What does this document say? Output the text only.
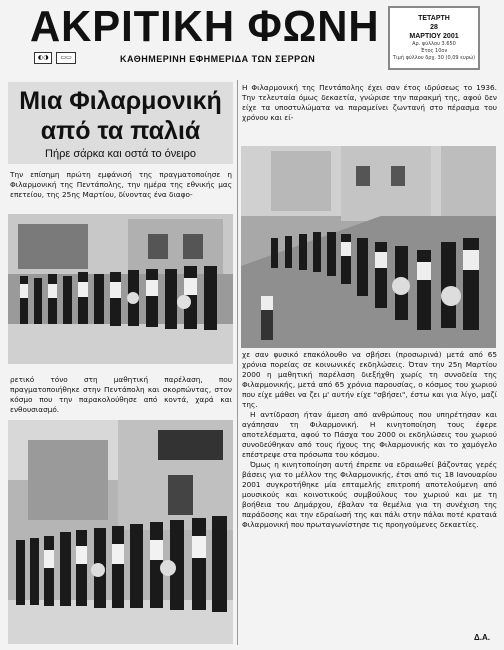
ΑΚΡΙΤΙΚΗ ΦΩΝΗ
◐◑	▭▭	ΚΑΘΗΜΕΡΙΝΗ ΕΦΗΜΕΡΙΔΑ ΤΩΝ ΣΕΡΡΩΝ
ΤΕΤΑΡΤΗ
28
ΜΑΡΤΙΟΥ 2001
Αρ. φύλλου 3.650
Έτος 10ον
Τιμή φύλλου δρχ. 30 (0,09 ευρώ)
Μια Φιλαρμονική από τα παλιά
Πήρε σάρκα και οστά το όνειρο

Την επίσημη πρώτη εμφάνισή της πραγματοποίησε η Φιλαρμονική της Πεντάπολης, την ημέρα της εθνικής μας επετείου, της 25ης Μαρτίου, δίνοντας ένα διαφο-

ρετικό τόνο στη μαθητική παρέλαση, που πραγματοποιήθηκε στην Πεντάπολη και σκορπώντας, στον κόσμο που την παρακολούθησε από κοντά, χαρά και ενθουσιασμό.

Η Φιλαρμονική της Πεντάπολης έχει σαν έτος ιδρύσεως το 1936. Την τελευταία όμως δεκαετία, γνώρισε την παρακμή της, αφού δεν είχε τα υποστυλώματα να παραμείνει ζωντανή στο πέρασμα του χρόνου και εί-

χε σαν φυσικό επακόλουθο να σβήσει (προσωρινά) μετά από 65 χρόνια πορείας σε κοινωνικές εκδηλώσεις. Όταν την 25η Μαρτίου 2000 η μαθητική παρέλαση διεξήχθη χωρίς τη συνοδεία της Φιλαρμονικής, μετά από 65 χρόνια παρουσίας, ο κόσμος του χωριού που είχε μάθει να ζει μ' αυτήν είχε "σβήσει", έστω και για λίγο, μαζί της.

Η αντίδραση ήταν άμεση από ανθρώπους που υπηρέτησαν και αγάπησαν τη Φιλαρμονική. Η κινητοποίηση τους έφερε αποτελέσματα, αφού το Πάσχα του 2000 οι εκδηλώσεις του χωριού συνοδεύθηκαν από τους ήχους της Φιλαρμονικής και το χαμόγελο επέστρεψε στα πρόσωπα του κόσμου.

Όμως η κινητοποίηση αυτή έπρεπε να εδραιωθεί βάζοντας γερές βάσεις για το μέλλον της Φιλαρμονικής, έτσι από τις 18 Ιανουαρίου 2001 συγκροτήθηκε μία επταμελής επιτροπή αποτελούμενη από μουσικούς και κοινοτικούς συμβούλους του χωριού και με τη βοήθεια του Δημάρχου, έβαλαν τα θεμέλια για τη συνέχιση της παράδοσης και την εδραίωσή της και πάλι στην πάλαι ποτέ κραταιά Φιλαρμονική που πρωταγωνίστησε τις προηγούμενες δεκαετίες.

Δ.Α.
